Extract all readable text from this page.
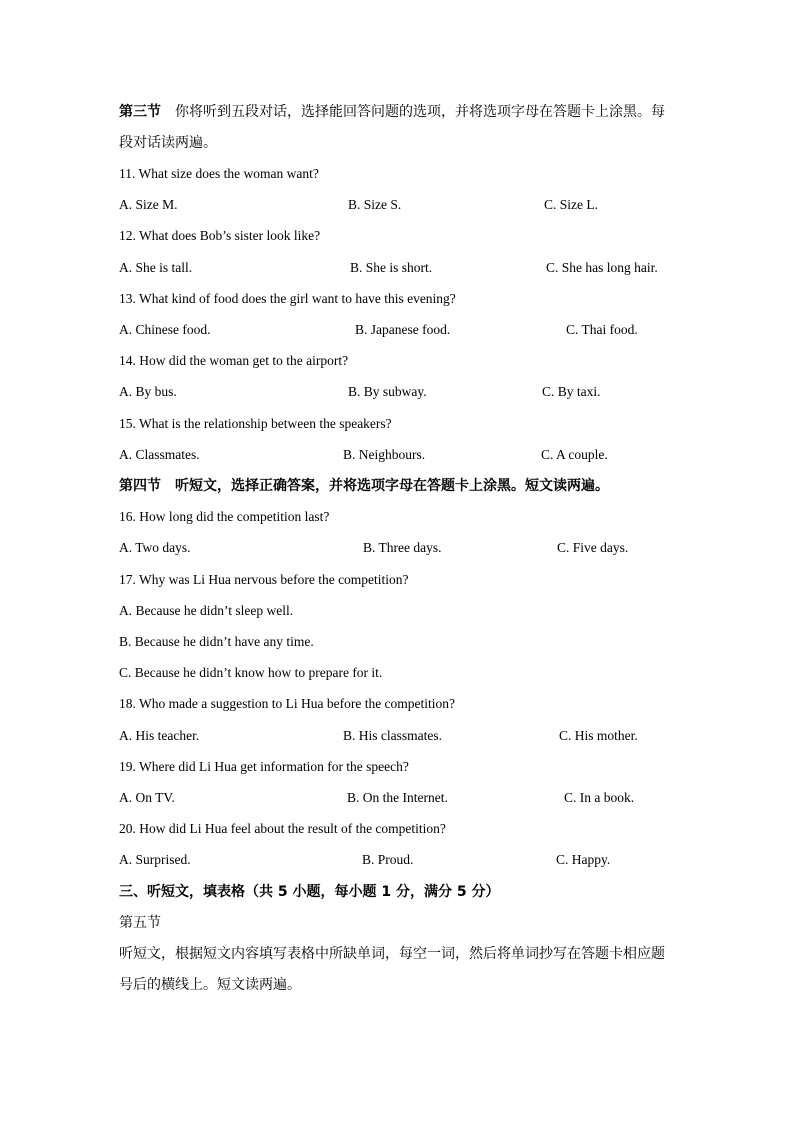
第三节 你将听到五段对话，选择能回答问题的选项，并将选项字母在答题卡上涂黑。每
段对话读两遍。
11. What size does the woman want?
A. Size M.	B. Size S.	C. Size L.
12. What does Bob’s sister look like?
A. She is tall.	B. She is short.	C. She has long hair.
13. What kind of food does the girl want to have this evening?
A. Chinese food.	B. Japanese food.	C. Thai food.
14. How did the woman get to the airport?
A. By bus.	B. By subway.	C. By taxi.
15. What is the relationship between the speakers?
A. Classmates.	B. Neighbours.	C. A couple.
第四节 听短文，选择正确答案，并将选项字母在答题卡上涂黑。短文读两遍。
16. How long did the competition last?
A. Two days.	B. Three days.	C. Five days.
17. Why was Li Hua nervous before the competition?
A. Because he didn’t sleep well.
B. Because he didn’t have any time.
C. Because he didn’t know how to prepare for it.
18. Who made a suggestion to Li Hua before the competition?
A. His teacher.	B. His classmates.	C. His mother.
19. Where did Li Hua get information for the speech?
A. On TV.	B. On the Internet.	C. In a book.
20. How did Li Hua feel about the result of the competition?
A. Surprised.	B. Proud.	C. Happy.
三、听短文，填表格（共 5 小题，每小题 1 分，满分 5 分）
第五节
听短文，根据短文内容填写表格中所缺单词，每空一词，然后将单词抄写在答题卡相应题
号后的横线上。短文读两遍。
